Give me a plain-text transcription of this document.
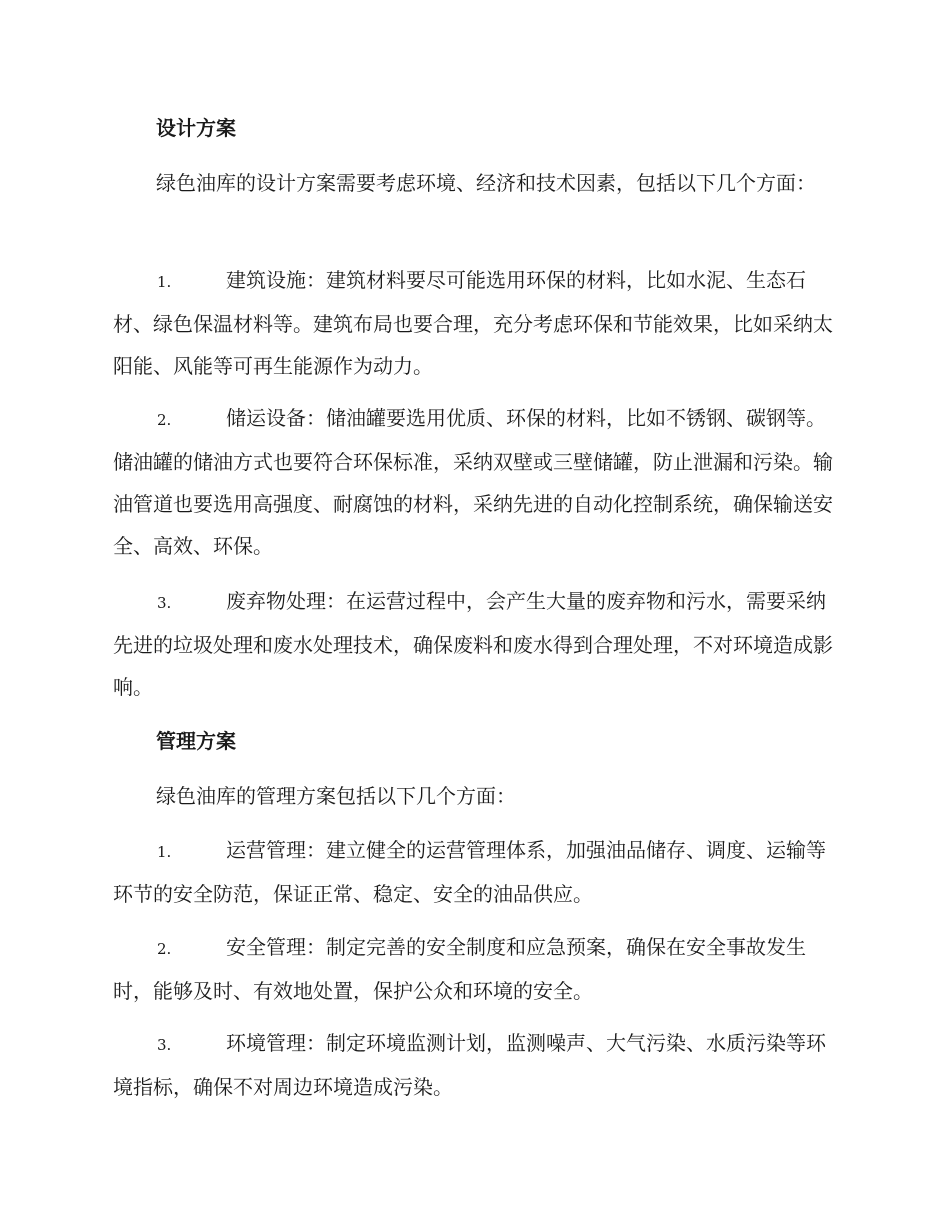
设计方案

绿色油库的设计方案需要考虑环境、经济和技术因素，包括以下几个方面：

1.	建筑设施：建筑材料要尽可能选用环保的材料，比如水泥、生态石材、绿色保温材料等。建筑布局也要合理，充分考虑环保和节能效果，比如采纳太阳能、风能等可再生能源作为动力。

2.	储运设备：储油罐要选用优质、环保的材料，比如不锈钢、碳钢等。储油罐的储油方式也要符合环保标准，采纳双壁或三壁储罐，防止泄漏和污染。输油管道也要选用高强度、耐腐蚀的材料，采纳先进的自动化控制系统，确保输送安全、高效、环保。

3.	废弃物处理：在运营过程中，会产生大量的废弃物和污水，需要采纳先进的垃圾处理和废水处理技术，确保废料和废水得到合理处理，不对环境造成影响。

管理方案

绿色油库的管理方案包括以下几个方面：

1.	运营管理：建立健全的运营管理体系，加强油品储存、调度、运输等环节的安全防范，保证正常、稳定、安全的油品供应。

2.	安全管理：制定完善的安全制度和应急预案，确保在安全事故发生时，能够及时、有效地处置，保护公众和环境的安全。

3.	环境管理：制定环境监测计划，监测噪声、大气污染、水质污染等环境指标，确保不对周边环境造成污染。
